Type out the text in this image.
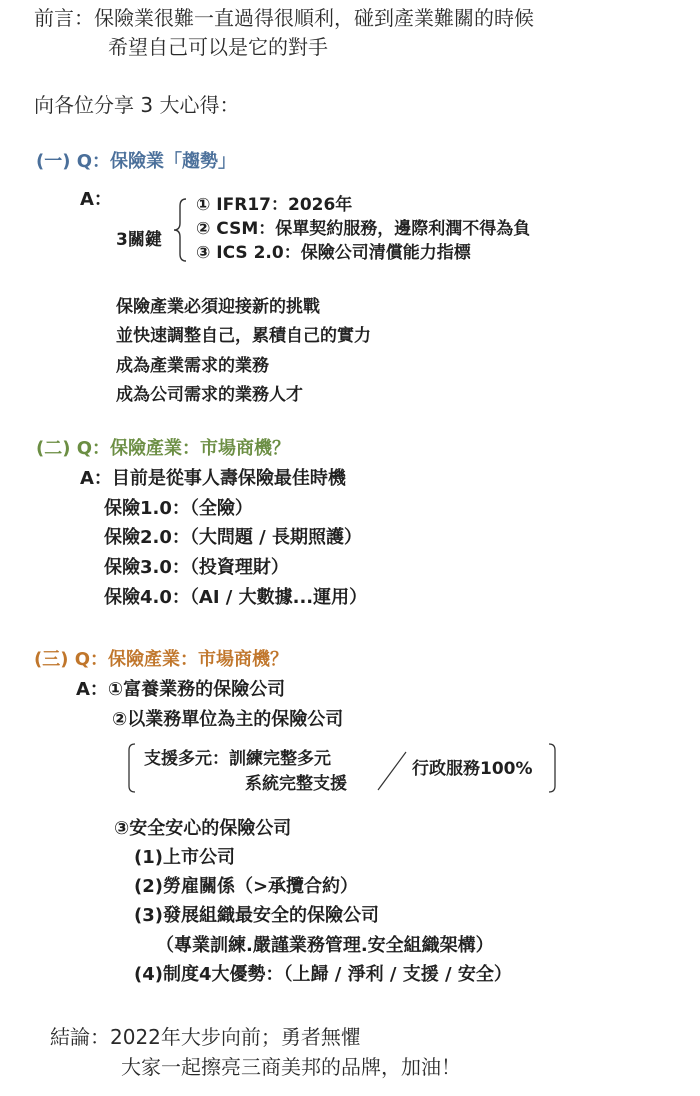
前言：保險業很難一直過得很順利，碰到產業難關的時候
希望自己可以是它的對手
向各位分享 3 大心得：
(一) Q：保險業「趨勢」
A：
3關鍵
① IFR17：2026年
② CSM：保單契約服務，邊際利潤不得為負
③ ICS 2.0：保險公司清償能力指標
保險產業必須迎接新的挑戰
並快速調整自己，累積自己的實力
成為產業需求的業務
成為公司需求的業務人才
(二) Q：保險產業：市場商機？
A：目前是從事人壽保險最佳時機
保險1.0：（全險）
保險2.0：（大問題 / 長期照護）
保險3.0：（投資理財）
保險4.0：（AI / 大數據...運用）
(三) Q：保險產業：市場商機？
A：①富養業務的保險公司
②以業務單位為主的保險公司
支援多元：訓練完整多元
系統完整支援
行政服務100%
③安全安心的保險公司
(1)上市公司
(2)勞雇關係（>承攬合約）
(3)發展組織最安全的保險公司
（專業訓練.嚴謹業務管理.安全組織架構）
(4)制度4大優勢：（上歸 / 淨利 / 支援 / 安全）
結論：2022年大步向前；勇者無懼
大家一起擦亮三商美邦的品牌，加油！
